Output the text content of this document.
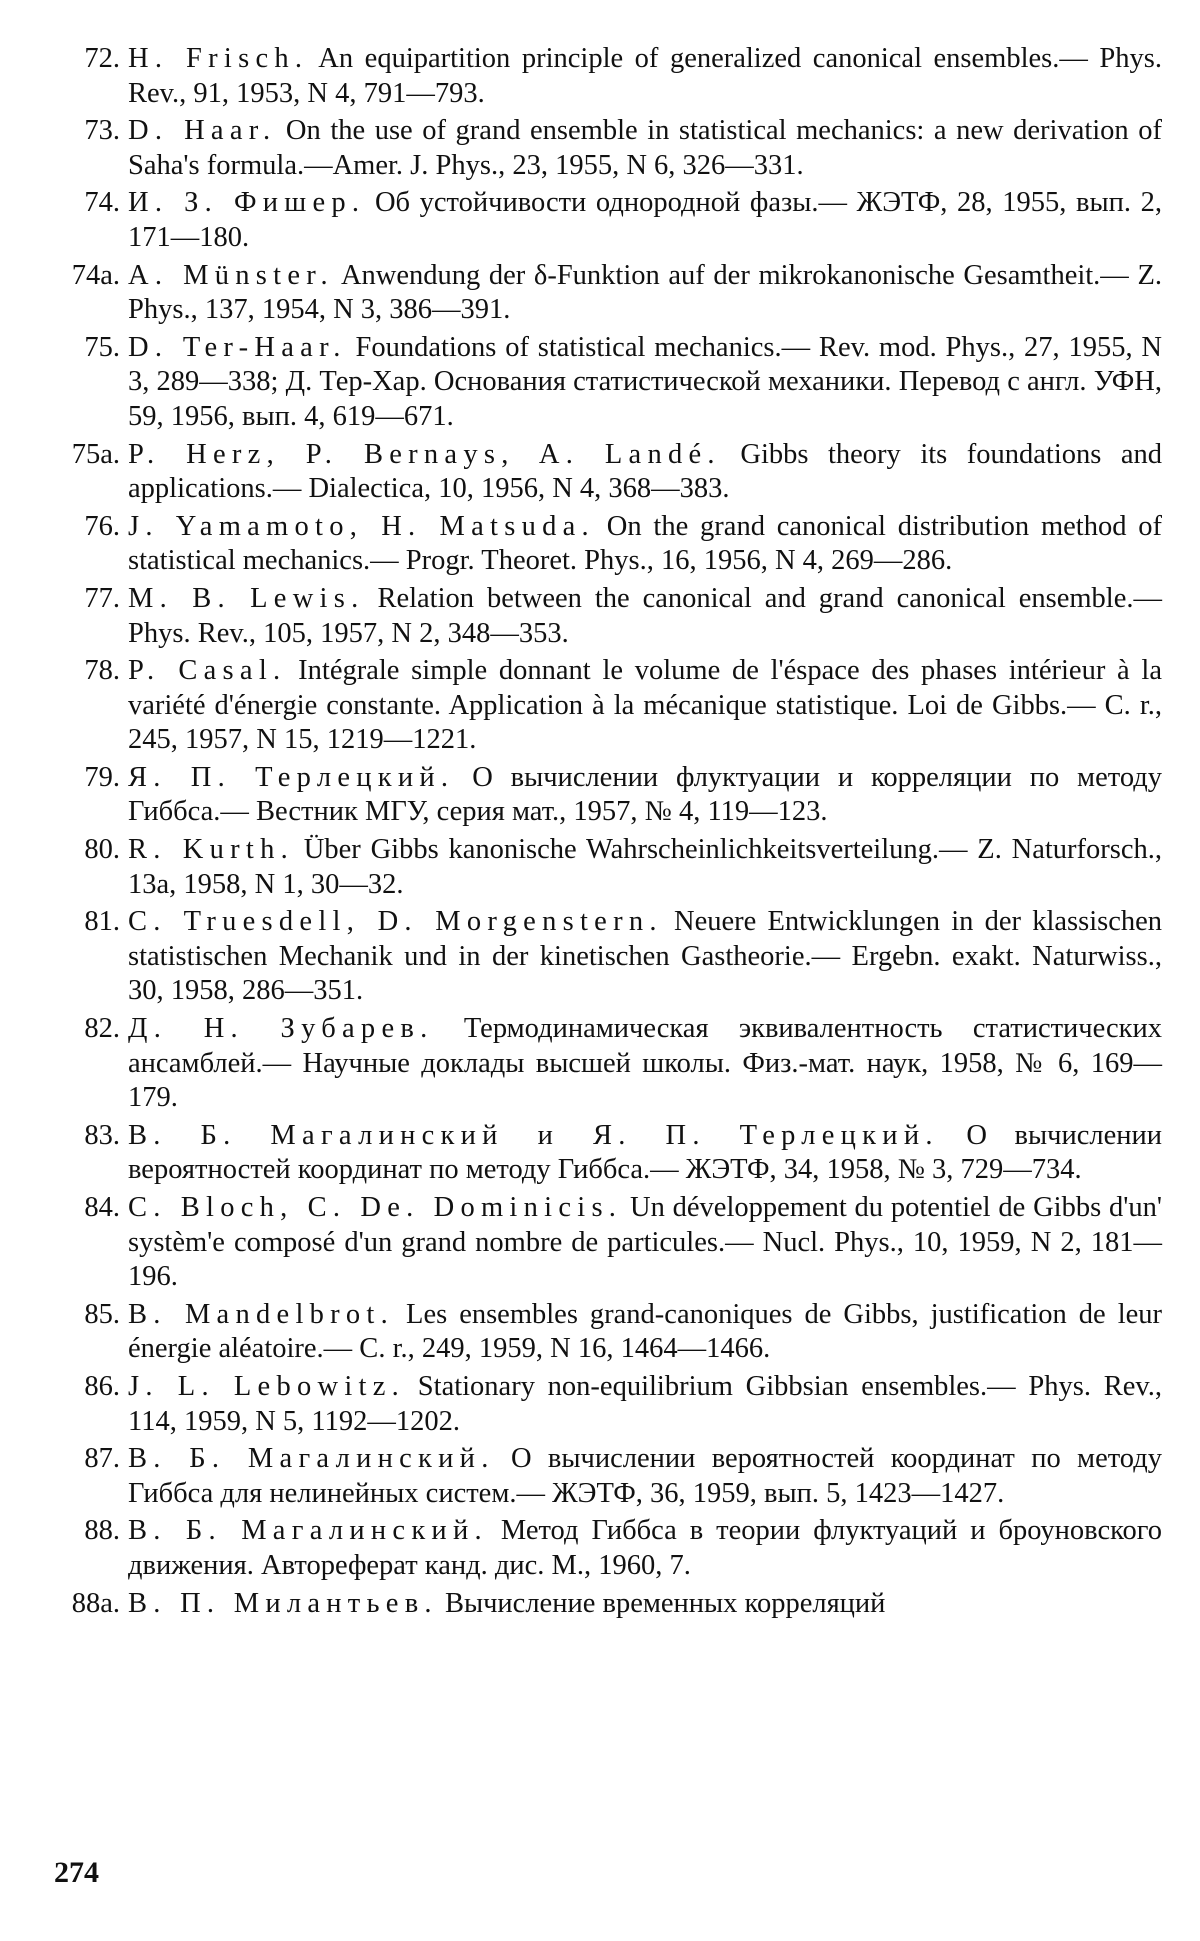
72. H. Frisch. An equipartition principle of generalized canonical ensembles.— Phys. Rev., 91, 1953, N 4, 791—793.

73. D. Haar. On the use of grand ensemble in statistical mechanics: a new derivation of Saha's formula.—Amer. J. Phys., 23, 1955, N 6, 326—331.

74. И. З. Фишер. Об устойчивости однородной фазы.— ЖЭТФ, 28, 1955, вып. 2, 171—180.

74a. A. Münster. Anwendung der δ-Funktion auf der mikrokanonische Gesamtheit.— Z. Phys., 137, 1954, N 3, 386—391.

75. D. Ter-Haar. Foundations of statistical mechanics.— Rev. mod. Phys., 27, 1955, N 3, 289—338; Д. Тер-Хар. Основания статистической механики. Перевод с англ. УФН, 59, 1956, вып. 4, 619—671.

75a. P. Herz, P. Bernays, A. Landé. Gibbs theory its foundations and applications.— Dialectica, 10, 1956, N 4, 368—383.

76. J. Yamamoto, H. Matsuda. On the grand canonical distribution method of statistical mechanics.— Progr. Theoret. Phys., 16, 1956, N 4, 269—286.

77. M. B. Lewis. Relation between the canonical and grand canonical ensemble.— Phys. Rev., 105, 1957, N 2, 348—353.

78. P. Casal. Intégrale simple donnant le volume de l'éspace des phases intérieur à la variété d'énergie constante. Application à la mécanique statistique. Loi de Gibbs.— C. r., 245, 1957, N 15, 1219—1221.

79. Я. П. Терлецкий. О вычислении флуктуации и корреляции по методу Гиббса.— Вестник МГУ, серия мат., 1957, № 4, 119—123.

80. R. Kurth. Über Gibbs kanonische Wahrscheinlichkeitsverteilung.— Z. Naturforsch., 13a, 1958, N 1, 30—32.

81. C. Truesdell, D. Morgenstern. Neuere Entwicklungen in der klassischen statistischen Mechanik und in der kinetischen Gastheorie.— Ergebn. exakt. Naturwiss., 30, 1958, 286—351.

82. Д. Н. Зубарев. Термодинамическая эквивалентность статистических ансамблей.— Научные доклады высшей школы. Физ.-мат. наук, 1958, № 6, 169—179.

83. В. Б. Магалинский и Я. П. Терлецкий. О вычислении вероятностей координат по методу Гиббса.— ЖЭТФ, 34, 1958, № 3, 729—734.

84. C. Bloch, C. De. Dominicis. Un développement du potentiel de Gibbs d'un' systèm'e composé d'un grand nombre de particules.— Nucl. Phys., 10, 1959, N 2, 181—196.

85. B. Mandelbrot. Les ensembles grand-canoniques de Gibbs, justification de leur énergie aléatoire.— C. r., 249, 1959, N 16, 1464—1466.

86. J. L. Lebowitz. Stationary non-equilibrium Gibbsian ensembles.— Phys. Rev., 114, 1959, N 5, 1192—1202.

87. В. Б. Магалинский. О вычислении вероятностей координат по методу Гиббса для нелинейных систем.— ЖЭТФ, 36, 1959, вып. 5, 1423—1427.

88. В. Б. Магалинский. Метод Гиббса в теории флуктуаций и броуновского движения. Автореферат канд. дис. М., 1960, 7.

88a. В. П. Милантьев. Вычисление временных корреляций

274
